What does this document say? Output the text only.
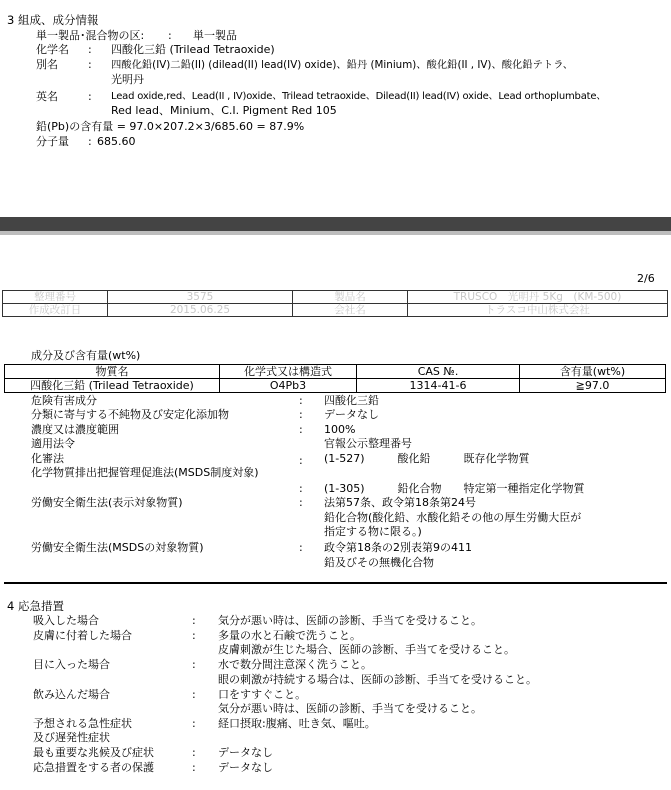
3 組成、成分情報
単一製品･混合物の区: : 単一製品
化学名 : 四酸化三鉛 (Trilead Tetraoxide)
別名	: 四酸化鉛(IV)二鉛(II) (dilead(II) lead(IV) oxide)、鉛丹 (Minium)、酸化鉛(II , IV)、酸化鉛テトラ、
光明丹
英名	: Lead oxide,red、Lead(II , IV)oxide、Trilead tetraoxide、Dilead(II) lead(IV) oxide、Lead orthoplumbate、
Red lead、Minium、C.I. Pigment Red 105
鉛(Pb)の含有量 = 97.0×207.2×3/685.60 = 87.9%
分子量 : 685.60
2/6
整理番号	3575	製品名	TRUSCO　光明丹 5Kg　(KM-500)
作成改訂日	2015.06.25	会社名	トラスコ中山株式会社
成分及び含有量(wt%)
物質名	化学式又は構造式	CAS №.	含有量(wt%)
四酸化三鉛 (Trilead Tetraoxide)	O4Pb3	1314-41-6	≧97.0
危険有害成分	: 四酸化三鉛
分類に寄与する不純物及び安定化添加物	: データなし
濃度又は濃度範囲	: 100%
適用法令	官報公示整理番号
化審法	: (1-527)　　　酸化鉛　　　既存化学物質
化学物質排出把握管理促進法(MSDS制度対象)
: (1-305)　　　鉛化合物　　特定第一種指定化学物質
労働安全衛生法(表示対象物質)	: 法第57条、政令第18条第24号
鉛化合物(酸化鉛、水酸化鉛その他の厚生労働大臣が
指定する物に限る。)
労働安全衛生法(MSDSの対象物質)	: 政令第18条の2別表第9の411
鉛及びその無機化合物
4 応急措置
吸入した場合	: 気分が悪い時は、医師の診断、手当てを受けること。
皮膚に付着した場合	: 多量の水と石鹸で洗うこと。
皮膚刺激が生じた場合、医師の診断、手当てを受けること。
目に入った場合	: 水で数分間注意深く洗うこと。
眼の刺激が持続する場合は、医師の診断、手当てを受けること。
飲み込んだ場合	: 口をすすぐこと。
気分が悪い時は、医師の診断、手当てを受けること。
予想される急性症状
及び遅発性症状
: 経口摂取:腹痛、吐き気、嘔吐。
最も重要な兆候及び症状	: データなし
応急措置をする者の保護	: データなし
